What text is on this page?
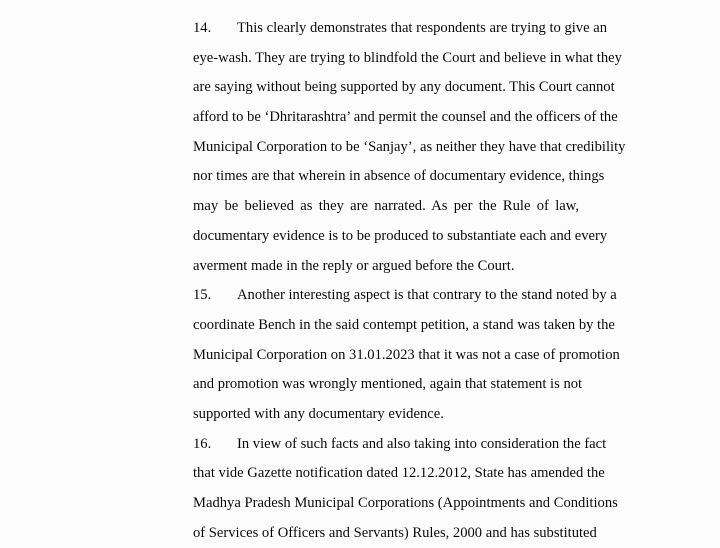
14. This clearly demonstrates that respondents are trying to give an
eye-wash. They are trying to blindfold the Court and believe in what they
are saying without being supported by any document. This Court cannot
afford to be ‘Dhritarashtra’ and permit the counsel and the officers of the
Municipal Corporation to be ‘Sanjay’, as neither they have that credibility
nor times are that wherein in absence of documentary evidence, things
may be believed as they are narrated. As per the Rule of law,
documentary evidence is to be produced to substantiate each and every
averment made in the reply or argued before the Court.
15. Another interesting aspect is that contrary to the stand noted by a
coordinate Bench in the said contempt petition, a stand was taken by the
Municipal Corporation on 31.01.2023 that it was not a case of promotion
and promotion was wrongly mentioned, again that statement is not
supported with any documentary evidence.
16. In view of such facts and also taking into consideration the fact
that vide Gazette notification dated 12.12.2012, State has amended the
Madhya Pradesh Municipal Corporations (Appointments and Conditions
of Services of Officers and Servants) Rules, 2000 and has substituted
